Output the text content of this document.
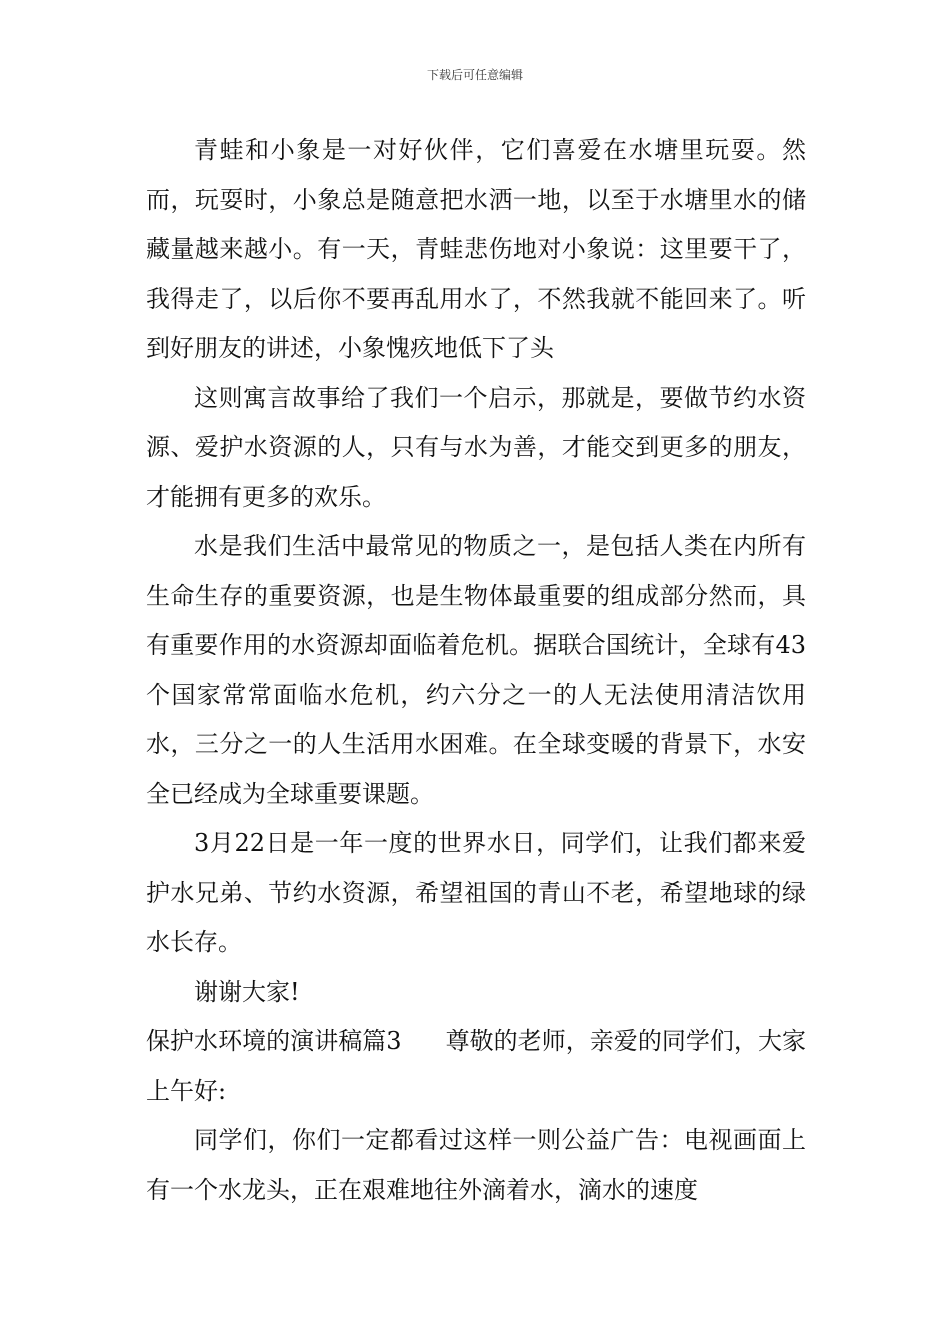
下载后可任意编辑

青蛙和小象是一对好伙伴，它们喜爱在水塘里玩耍。然而，玩耍时，小象总是随意把水洒一地，以至于水塘里水的储藏量越来越小。有一天，青蛙悲伤地对小象说：这里要干了，我得走了，以后你不要再乱用水了，不然我就不能回来了。听到好朋友的讲述，小象愧疚地低下了头

这则寓言故事给了我们一个启示，那就是，要做节约水资源、爱护水资源的人，只有与水为善，才能交到更多的朋友，才能拥有更多的欢乐。

水是我们生活中最常见的物质之一，是包括人类在内所有生命生存的重要资源，也是生物体最重要的组成部分然而，具有重要作用的水资源却面临着危机。据联合国统计，全球有43个国家常常面临水危机，约六分之一的人无法使用清洁饮用水，三分之一的人生活用水困难。在全球变暖的背景下，水安全已经成为全球重要课题。

3月22日是一年一度的世界水日，同学们，让我们都来爱护水兄弟、节约水资源，希望祖国的青山不老，希望地球的绿水长存。

谢谢大家!

保护水环境的演讲稿篇3 尊敬的老师，亲爱的同学们，大家上午好:

同学们，你们一定都看过这样一则公益广告：电视画面上有一个水龙头，正在艰难地往外滴着水，滴水的速度
